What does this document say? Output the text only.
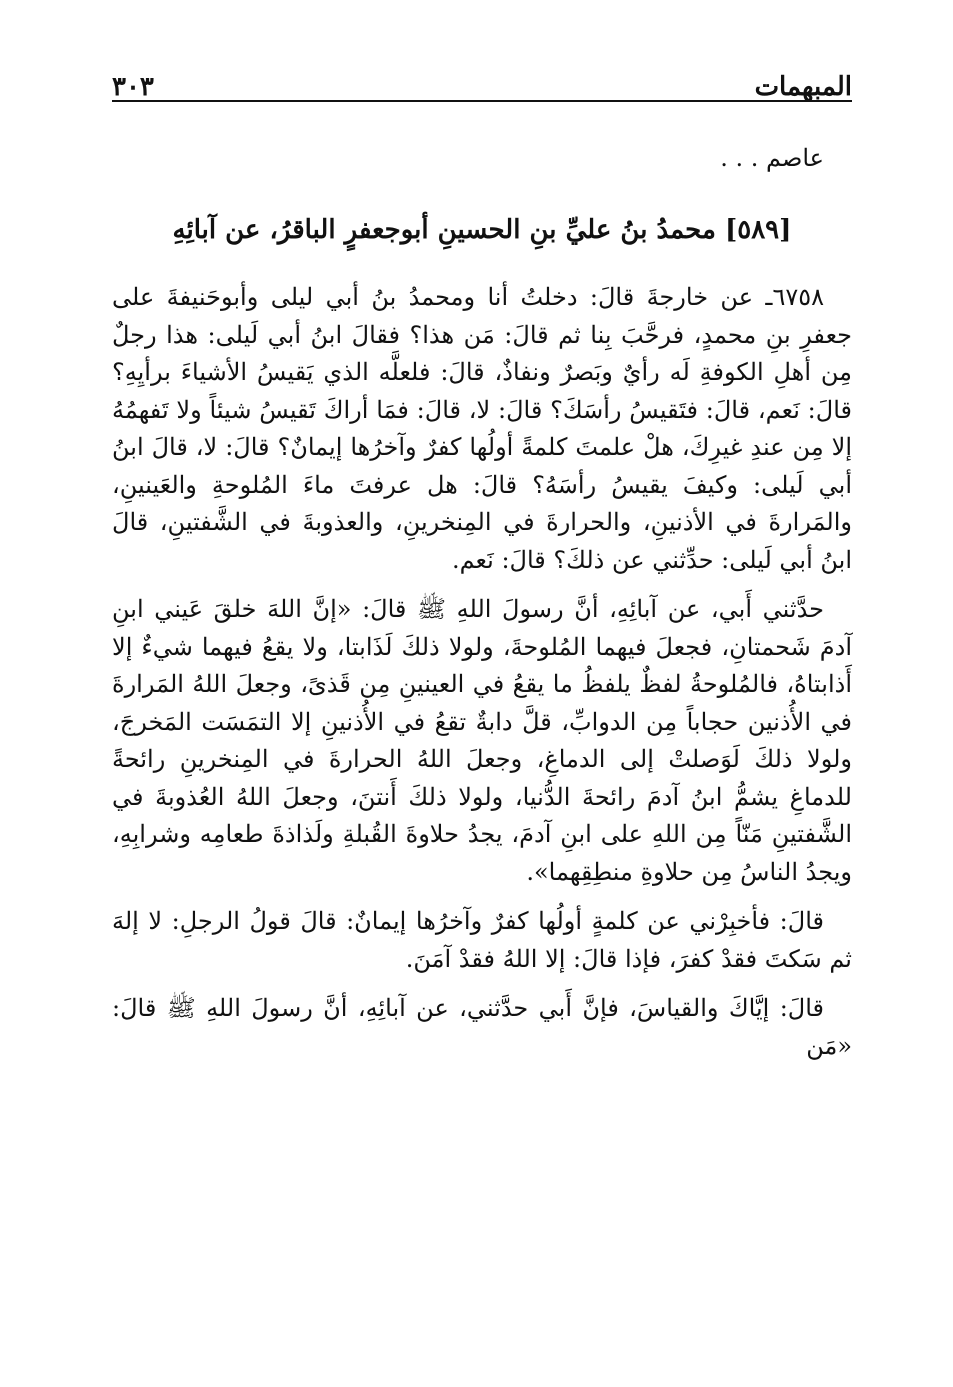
المبهمات
٣٠٣

عاصم . . .

[٥٨٩] محمدُ بنُ عليِّ بنِ الحسينِ أبوجعفرٍ الباقرُ، عن آبائِهِ

٦٧٥٨ـ عن خارجةَ قالَ: دخلتُ أنا ومحمدُ بنُ أبي ليلى وأبوحَنيفةَ على جعفرِ بنِ محمدٍ، فرحَّبَ بِنا ثم قالَ: مَن هذا؟ فقالَ ابنُ أبي لَيلى: هذا رجلٌ مِن أهلِ الكوفةِ لَه رأيٌ وبَصرٌ ونفاذٌ، قالَ: فلعلَّه الذي يَقيسُ الأشياءَ برأيِهِ؟ قالَ: نَعم، قالَ: فتَقيسُ رأسَكَ؟ قالَ: لا، قالَ: فمَا أراكَ تَقيسُ شيئاً ولا تَفهمُهُ إلا مِن عندِ غيرِكَ، هلْ علمتَ كلمةً أولُها كفرٌ وآخرُها إيمانٌ؟ قالَ: لا، قالَ ابنُ أبي لَيلى: وكيفَ يقيسُ رأسَهُ؟ قالَ: هل عرفتَ ماءَ المُلوحةِ والعَينينِ، والمَرارةَ في الأذنينِ، والحرارةَ في المِنخرينِ، والعذوبةَ في الشَّفتينِ، قالَ ابنُ أبي لَيلى: حدِّثني عن ذلكَ؟ قالَ: نَعم.

حدَّثني أَبي، عن آبائِهِ، أنَّ رسولَ اللهِ ﷺ قالَ: «إنَّ اللهَ خلقَ عَيني ابنِ آدمَ شَحمتانِ، فجعلَ فيهما المُلوحةَ، ولولا ذلكَ لَذَابتا، ولا يقعُ فيهما شيءٌ إلا أَذابتاهُ، فالمُلوحةُ لفظٌ يلفظُ ما يقعُ في العينينِ مِن قَذىً، وجعلَ اللهُ المَرارةَ في الأُذنين حجاباً مِن الدوابِّ، قلَّ دابةٌ تقعُ في الأُذنينِ إلا التمَسَت المَخرجَ، ولولا ذلكَ لَوَصلتْ إلى الدماغِ، وجعلَ اللهُ الحرارةَ في المِنخرينِ رائحةً للدماغِ يشمُّ ابنُ آدمَ رائحةَ الدُّنيا، ولولا ذلكَ أَنتنَ، وجعلَ اللهُ العُذوبةَ في الشَّفتينِ مَنّاً مِن اللهِ على ابنِ آدمَ، يجدُ حلاوةَ القُبلةِ ولَذاذةَ طعامِه وشرابِهِ، ويجدُ الناسُ مِن حلاوةِ منطِقِهما».

قالَ: فأخبِرْني عن كلمةٍ أولُها كفرٌ وآخرُها إيمانٌ: قالَ قولُ الرجلِ: لا إلهَ ثم سَكتَ فقدْ كفرَ، فإذا قالَ: إلا اللهُ فقدْ آمَنَ.

قالَ: إيَّاكَ والقياسَ، فإنَّ أَبي حدَّثني، عن آبائِهِ، أنَّ رسولَ اللهِ ﷺ قالَ: «مَن
